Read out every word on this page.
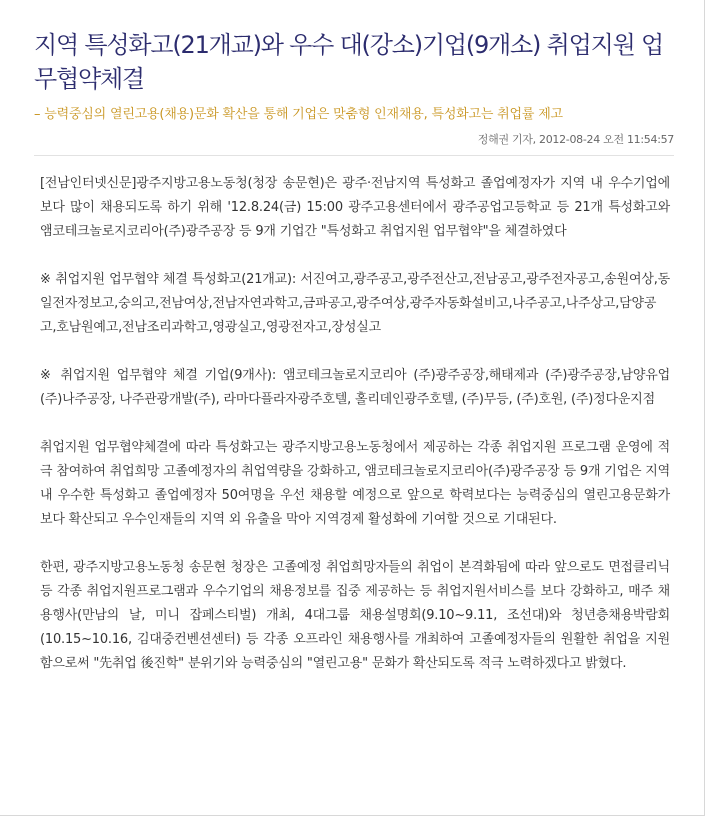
지역 특성화고(21개교)와 우수 대(강소)기업(9개소) 취업지원 업무협약체결
– 능력중심의 열린고용(채용)문화 확산을 통해 기업은 맞춤형 인재채용, 특성화고는 취업률 제고
정해권 기자, 2012-08-24 오전 11:54:57

[전남인터넷신문]광주지방고용노동청(청장 송문현)은 광주·전남지역 특성화고 졸업예정자가 지역 내 우수기업에 보다 많이 채용되도록 하기 위해 '12.8.24(금) 15:00 광주고용센터에서 광주공업고등학교 등 21개 특성화고와 앰코테크놀로지코리아(주)광주공장 등 9개 기업간 "특성화고 취업지원 업무협약"을 체결하였다

※ 취업지원 업무협약 체결 특성화고(21개교): 서진여고,광주공고,광주전산고,전남공고,광주전자공고,송원여상,동일전자정보고,숭의고,전남여상,전남자연과학고,금파공고,광주여상,광주자동화설비고,나주공고,나주상고,담양공고,호남원예고,전남조리과학고,영광실고,영광전자고,장성실고

※ 취업지원 업무협약 체결 기업(9개사): 앰코테크놀로지코리아 (주)광주공장,해태제과 (주)광주공장,남양유업 (주)나주공장, 나주관광개발(주), 라마다플라자광주호텔, 홀리데인광주호텔, (주)무등, (주)호원, (주)정다운지점

취업지원 업무협약체결에 따라 특성화고는 광주지방고용노동청에서 제공하는 각종 취업지원 프로그램 운영에 적극 참여하여 취업희망 고졸예정자의 취업역량을 강화하고, 앰코테크놀로지코리아(주)광주공장 등 9개 기업은 지역 내 우수한 특성화고 졸업예정자 50여명을 우선 채용할 예정으로 앞으로 학력보다는 능력중심의 열린고용문화가 보다 확산되고 우수인재들의 지역 외 유출을 막아 지역경제 활성화에 기여할 것으로 기대된다.

한편, 광주지방고용노동청 송문현 청장은 고졸예정 취업희망자들의 취업이 본격화됨에 따라 앞으로도 면접클리닉 등 각종 취업지원프로그램과 우수기업의 채용정보를 집중 제공하는 등 취업지원서비스를 보다 강화하고, 매주 채용행사(만남의 날, 미니 잡페스티벌) 개최, 4대그룹 채용설명회(9.10~9.11, 조선대)와 청년층채용박람회(10.15~10.16, 김대중컨벤션센터) 등 각종 오프라인 채용행사를 개최하여 고졸예정자들의 원활한 취업을 지원함으로써 "先취업 後진학" 분위기와 능력중심의 "열린고용" 문화가 확산되도록 적극 노력하겠다고 밝혔다.
